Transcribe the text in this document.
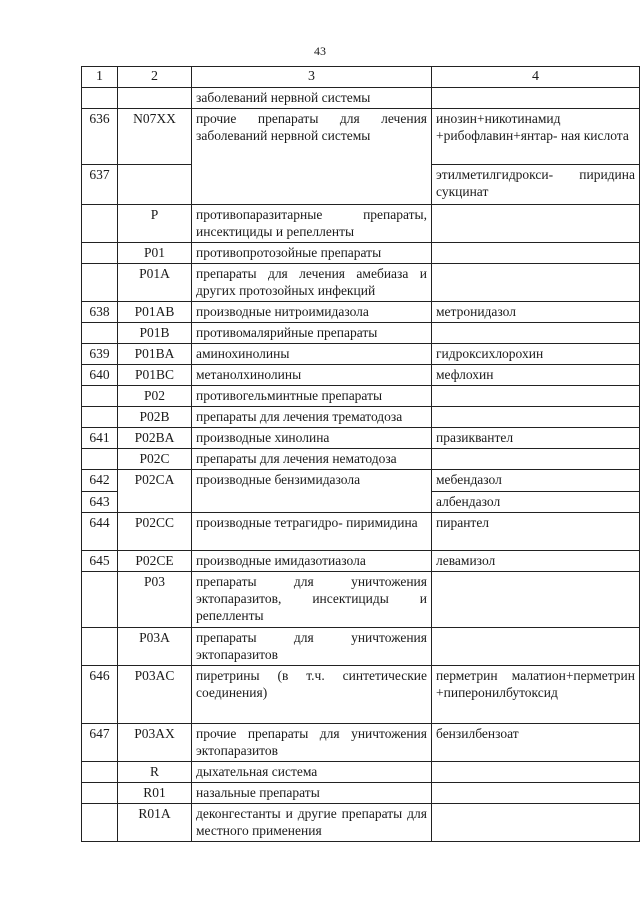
43
1	2	3	4
		заболеваний нервной системы	
636	N07XX	прочие препараты для лечения заболеваний нервной системы	инозин+никотинамид +рибофлавин+янтар- ная кислота
637			этилметилгидрокси- пиридина сукцинат
	P	противопаразитарные препараты, инсектициды и репелленты	
	P01	противопротозойные препараты	
	P01A	препараты для лечения амебиаза и других протозойных инфекций	
638	P01AB	производные нитроимидазола	метронидазол
	P01B	противомалярийные препараты	
639	P01BA	аминохинолины	гидроксихлорохин
640	P01BC	метанолхинолины	мефлохин
	P02	противогельминтные препараты	
	P02B	препараты для лечения трематодоза	
641	P02BA	производные хинолина	празиквантел
	P02C	препараты для лечения нематодоза	
642	P02CA	производные бензимидазола	мебендазол
643			албендазол
644	P02CC	производные тетрагидро- пиримидина	пирантел
645	P02CE	производные имидазотиазола	левамизол
	P03	препараты для уничтожения эктопаразитов, инсектициды и репелленты	
	P03A	препараты для уничтожения эктопаразитов	
646	P03AC	пиретрины (в т.ч. синтетические соединения)	перметрин малатион+перметрин +пиперонилбутоксид
647	P03AX	прочие препараты для уничтожения эктопаразитов	бензилбензоат
	R	дыхательная система	
	R01	назальные препараты	
	R01A	деконгестанты и другие препараты для местного применения	
